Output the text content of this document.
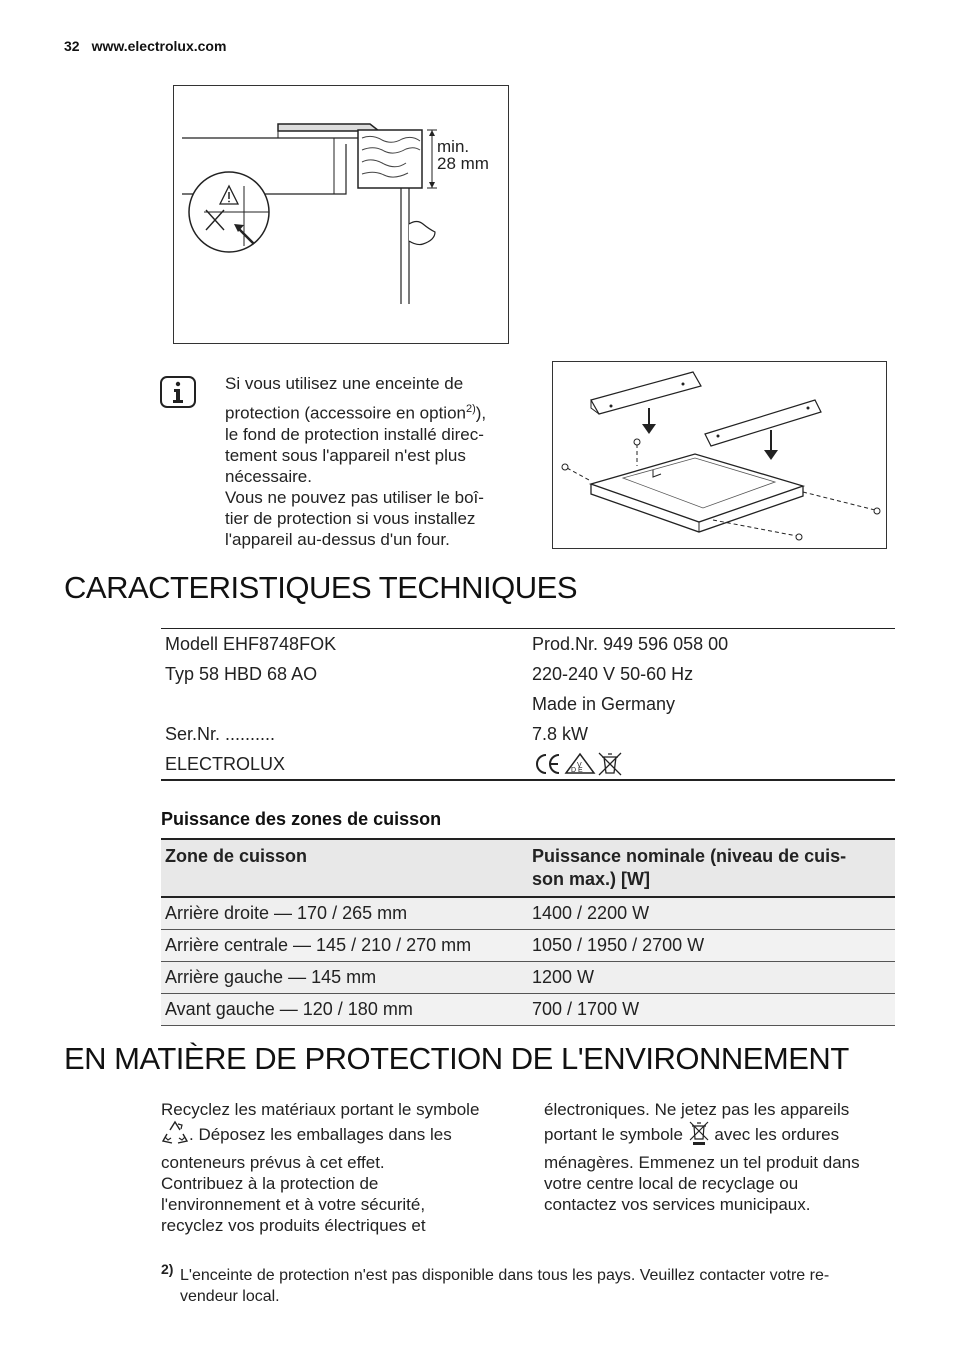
32 www.electrolux.com
min.
28 mm
Si vous utilisez une enceinte de
protection (accessoire en option$^{2)}$),
le fond de protection installé direc-
tement sous l'appareil n'est plus
nécessaire.
Vous ne pouvez pas utiliser le boî-
tier de protection si vous installez
l'appareil au-dessus d'un four.
CARACTERISTIQUES TECHNIQUES
Modell EHF8748FOK	Prod.Nr. 949 596 058 00
Typ 58 HBD 68 AO	220-240 V 50-60 Hz
	Made in Germany
Ser.Nr. ..........	7.8 kW
ELECTROLUX	V
D E
Puissance des zones de cuisson
Zone de cuisson	Puissance nominale (niveau de cuis-
son max.) [W]
Arrière droite — 170 / 265 mm	1400 / 2200 W
Arrière centrale — 145 / 210 / 270 mm	1050 / 1950 / 2700 W
Arrière gauche — 145 mm	1200 W
Avant gauche — 120 / 180 mm	700 / 1700 W
EN MATIÈRE DE PROTECTION DE L'ENVIRONNEMENT
Recyclez les matériaux portant le symbole
. Déposez les emballages dans les
conteneurs prévus à cet effet.
Contribuez à la protection de
l'environnement et à votre sécurité,
recyclez vos produits électriques et
électroniques. Ne jetez pas les appareils
portant le symbole avec les ordures
ménagères. Emmenez un tel produit dans
votre centre local de recyclage ou
contactez vos services municipaux.
2) L'enceinte de protection n'est pas disponible dans tous les pays. Veuillez contacter votre re-
vendeur local.
